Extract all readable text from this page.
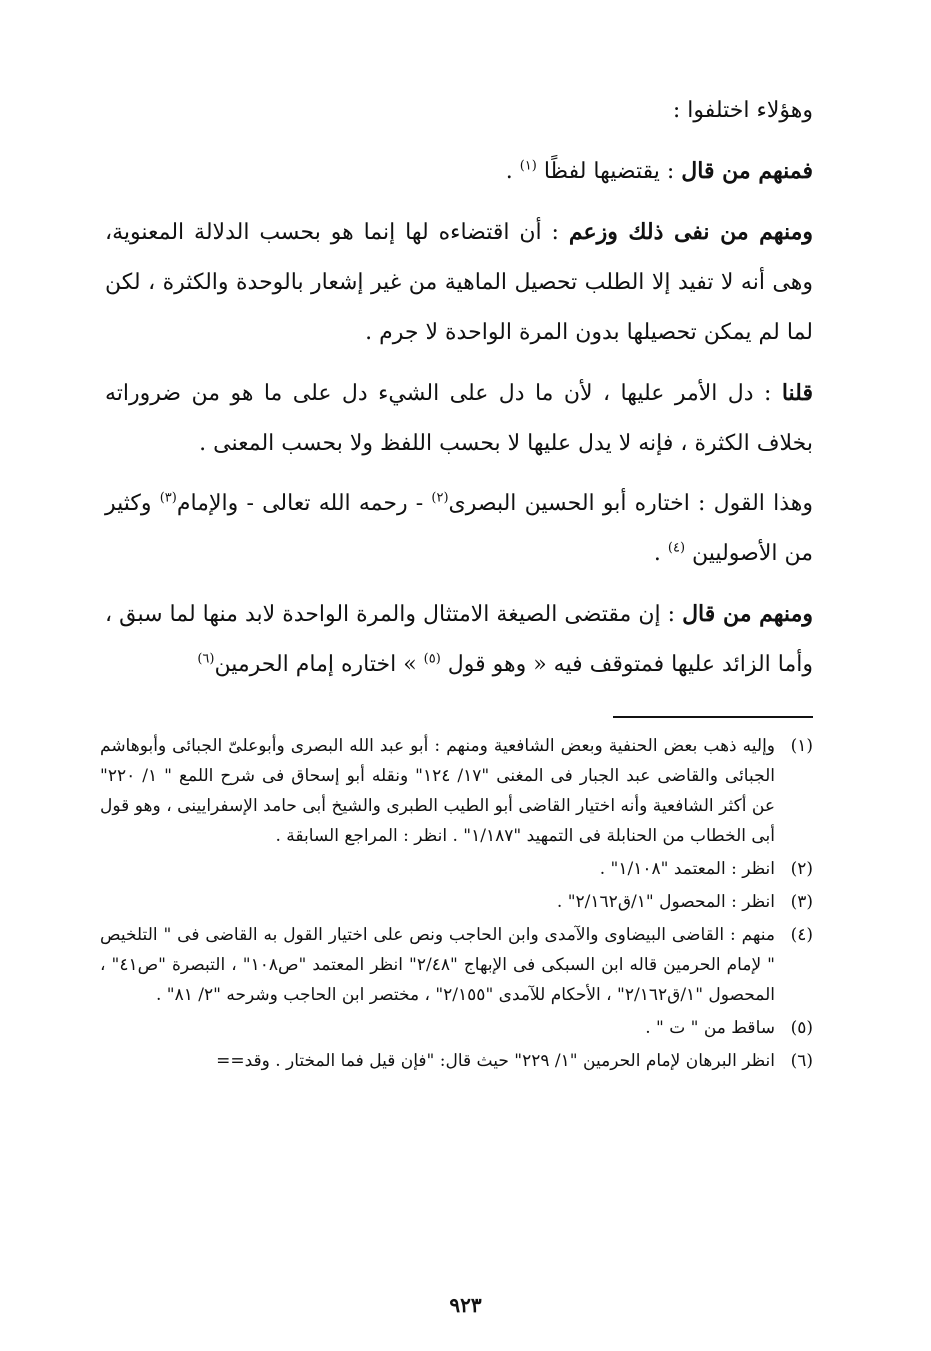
وهؤلاء اختلفوا :

فمنهم من قال : يقتضيها لفظًا $^{(١)}$ .

ومنهم من نفى ذلك وزعم : أن اقتضاءه لها إنما هو بحسب الدلالة المعنوية، وهى أنه لا تفيد إلا الطلب تحصيل الماهية من غير إشعار بالوحدة والكثرة ، لكن لما لم يمكن تحصيلها بدون المرة الواحدة لا جرم .

قلنا : دل الأمر عليها ، لأن ما دل على الشيء دل على ما هو من ضروراته بخلاف الكثرة ، فإنه لا يدل عليها لا بحسب اللفظ ولا بحسب المعنى .

وهذا القول : اختاره أبو الحسين البصرى$^{(٢)}$ - رحمه الله تعالى - والإمام$^{(٣)}$ وكثير من الأصوليين $^{(٤)}$ .

ومنهم من قال : إن مقتضى الصيغة الامتثال والمرة الواحدة لابد منها لما سبق ، وأما الزائد عليها فمتوقف فيه « وهو قول $^{(٥)}$ » اختاره إمام الحرمين$^{(٦)}$

(١)
وإليه ذهب بعض الحنفية وبعض الشافعية ومنهم : أبو عبد الله البصرى وأبوعلىّ الجبائى وأبوهاشم الجبائى والقاضى عبد الجبار فى المغنى "١٧/ ١٢٤" ونقله أبو إسحاق فى شرح اللمع " ١/ ٢٢٠" عن أكثر الشافعية وأنه اختيار القاضى أبو الطيب الطبرى والشيخ أبى حامد الإسفرايينى ، وهو قول أبى الخطاب من الحنابلة فى التمهيد "١/١٨٧" . انظر : المراجع السابقة .
(٢)
انظر : المعتمد "١/١٠٨" .
(٣)
انظر : المحصول "١/ق٢/١٦٢" .
(٤)
منهم : القاضى البيضاوى والآمدى وابن الحاجب ونص على اختيار القول به القاضى فى " التلخيص " لإمام الحرمين قاله ابن السبكى فى الإبهاج "٢/٤٨" انظر المعتمد "ص١٠٨" ، التبصرة "ص٤١" ، المحصول "١/ق٢/١٦٢" ، الأحكام للآمدى "٢/١٥٥" ، مختصر ابن الحاجب وشرحه "٢/ ٨١" .
(٥)
ساقط من " ت " .
(٦)
انظر البرهان لإمام الحرمين "١/ ٢٢٩" حيث قال: "فإن قيل فما المختار . وقد==
٩٢٣
